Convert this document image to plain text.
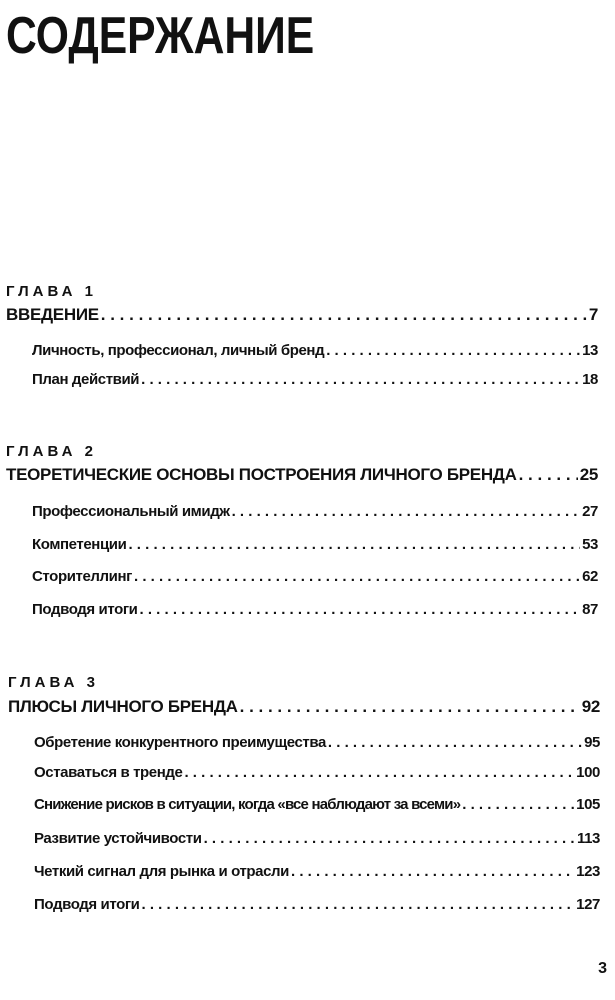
СОДЕРЖАНИЕ
ГЛАВА 1
ВВЕДЕНИЕ . . .	7
Личность, профессионал, личный бренд . . .	13
План действий . . .	18
ГЛАВА 2
ТЕОРЕТИЧЕСКИЕ ОСНОВЫ ПОСТРОЕНИЯ ЛИЧНОГО БРЕНДА . . .	25
Профессиональный имидж . . .	27
Компетенции . . .	53
Сторителлинг . . .	62
Подводя итоги . . .	87
ГЛАВА 3
ПЛЮСЫ ЛИЧНОГО БРЕНДА . . .	92
Обретение конкурентного преимущества . . .	95
Оставаться в тренде . . .	100
Снижение рисков в ситуации, когда «все наблюдают за всеми» . . .	105
Развитие устойчивости . . .	113
Четкий сигнал для рынка и отрасли . . .	123
Подводя итоги . . .	127
3
